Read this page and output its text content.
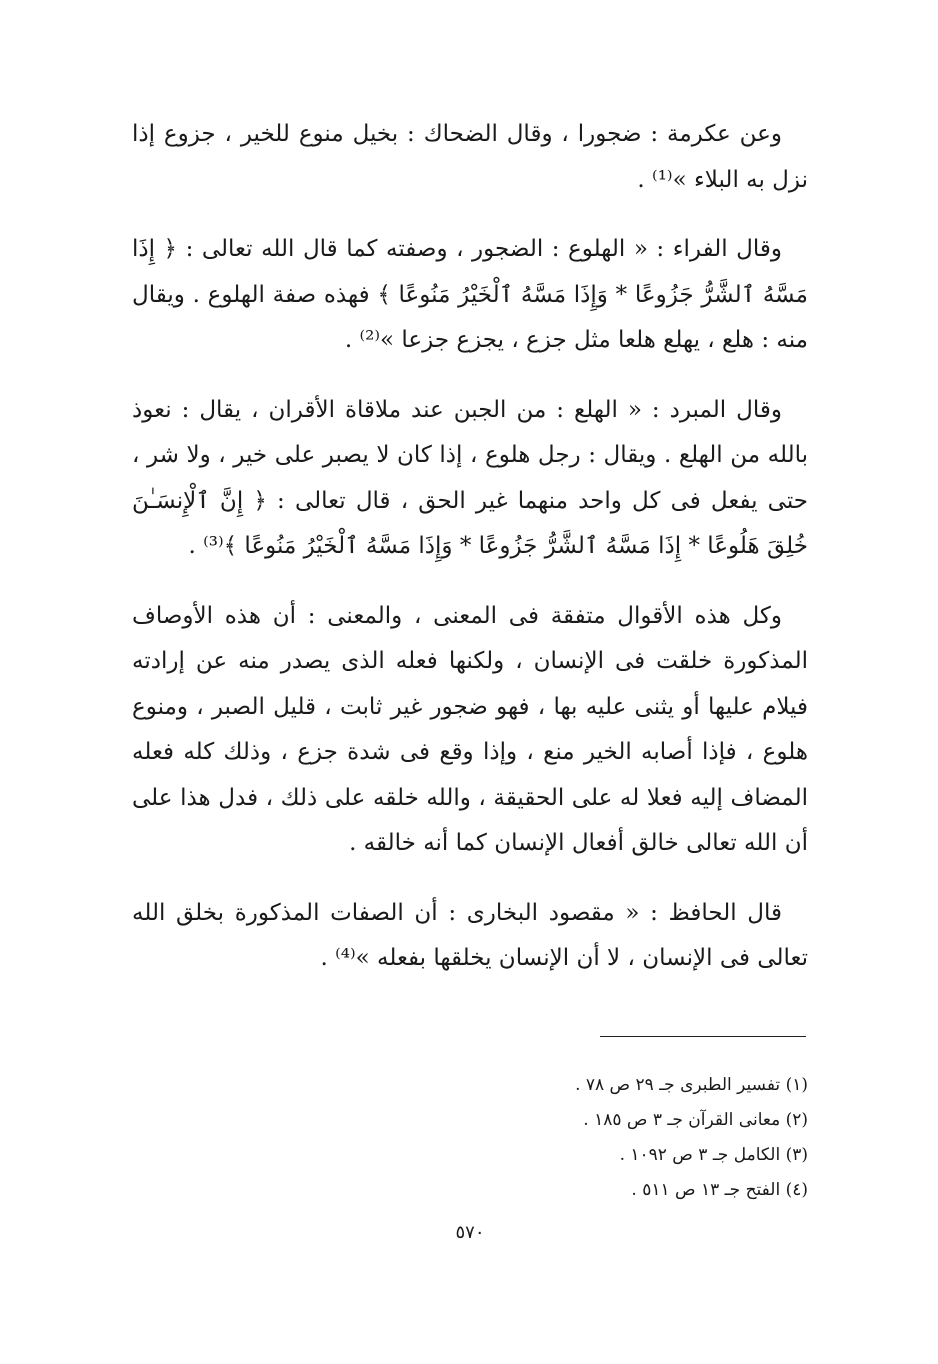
وعن عكرمة : ضجورا ، وقال الضحاك : بخيل منوع للخير ، جزوع إذا نزل به البلاء »⁽¹⁾ .

وقال الفراء : « الهلوع : الضجور ، وصفته كما قال الله تعالى : ﴿ إِذَا مَسَّهُ ٱلشَّرُّ جَزُوعًا * وَإِذَا مَسَّهُ ٱلْخَيْرُ مَنُوعًا ﴾ فهذه صفة الهلوع . ويقال منه : هلع ، يهلع هلعا مثل جزع ، يجزع جزعا »⁽²⁾ .

وقال المبرد : « الهلع : من الجبن عند ملاقاة الأقران ، يقال : نعوذ بالله من الهلع . ويقال : رجل هلوع ، إذا كان لا يصبر على خير ، ولا شر ، حتى يفعل فى كل واحد منهما غير الحق ، قال تعالى : ﴿ إِنَّ ٱلْإِنسَـٰنَ خُلِقَ هَلُوعًا * إِذَا مَسَّهُ ٱلشَّرُّ جَزُوعًا * وَإِذَا مَسَّهُ ٱلْخَيْرُ مَنُوعًا ﴾⁽³⁾ .

وكل هذه الأقوال متفقة فى المعنى ، والمعنى : أن هذه الأوصاف المذكورة خلقت فى الإنسان ، ولكنها فعله الذى يصدر منه عن إرادته فيلام عليها أو يثنى عليه بها ، فهو ضجور غير ثابت ، قليل الصبر ، ومنوع هلوع ، فإذا أصابه الخير منع ، وإذا وقع فى شدة جزع ، وذلك كله فعله المضاف إليه فعلا له على الحقيقة ، والله خلقه على ذلك ، فدل هذا على أن الله تعالى خالق أفعال الإنسان كما أنه خالقه .

قال الحافظ : « مقصود البخارى : أن الصفات المذكورة بخلق الله تعالى فى الإنسان ، لا أن الإنسان يخلقها بفعله »⁽⁴⁾ .

(١) تفسير الطبرى جـ ٢٩ ص ٧٨ .
(٢) معانى القرآن جـ ٣ ص ١٨٥ .
(٣) الكامل جـ ٣ ص ١٠٩٢ .
(٤) الفتح جـ ١٣ ص ٥١١ .
٥٧٠
